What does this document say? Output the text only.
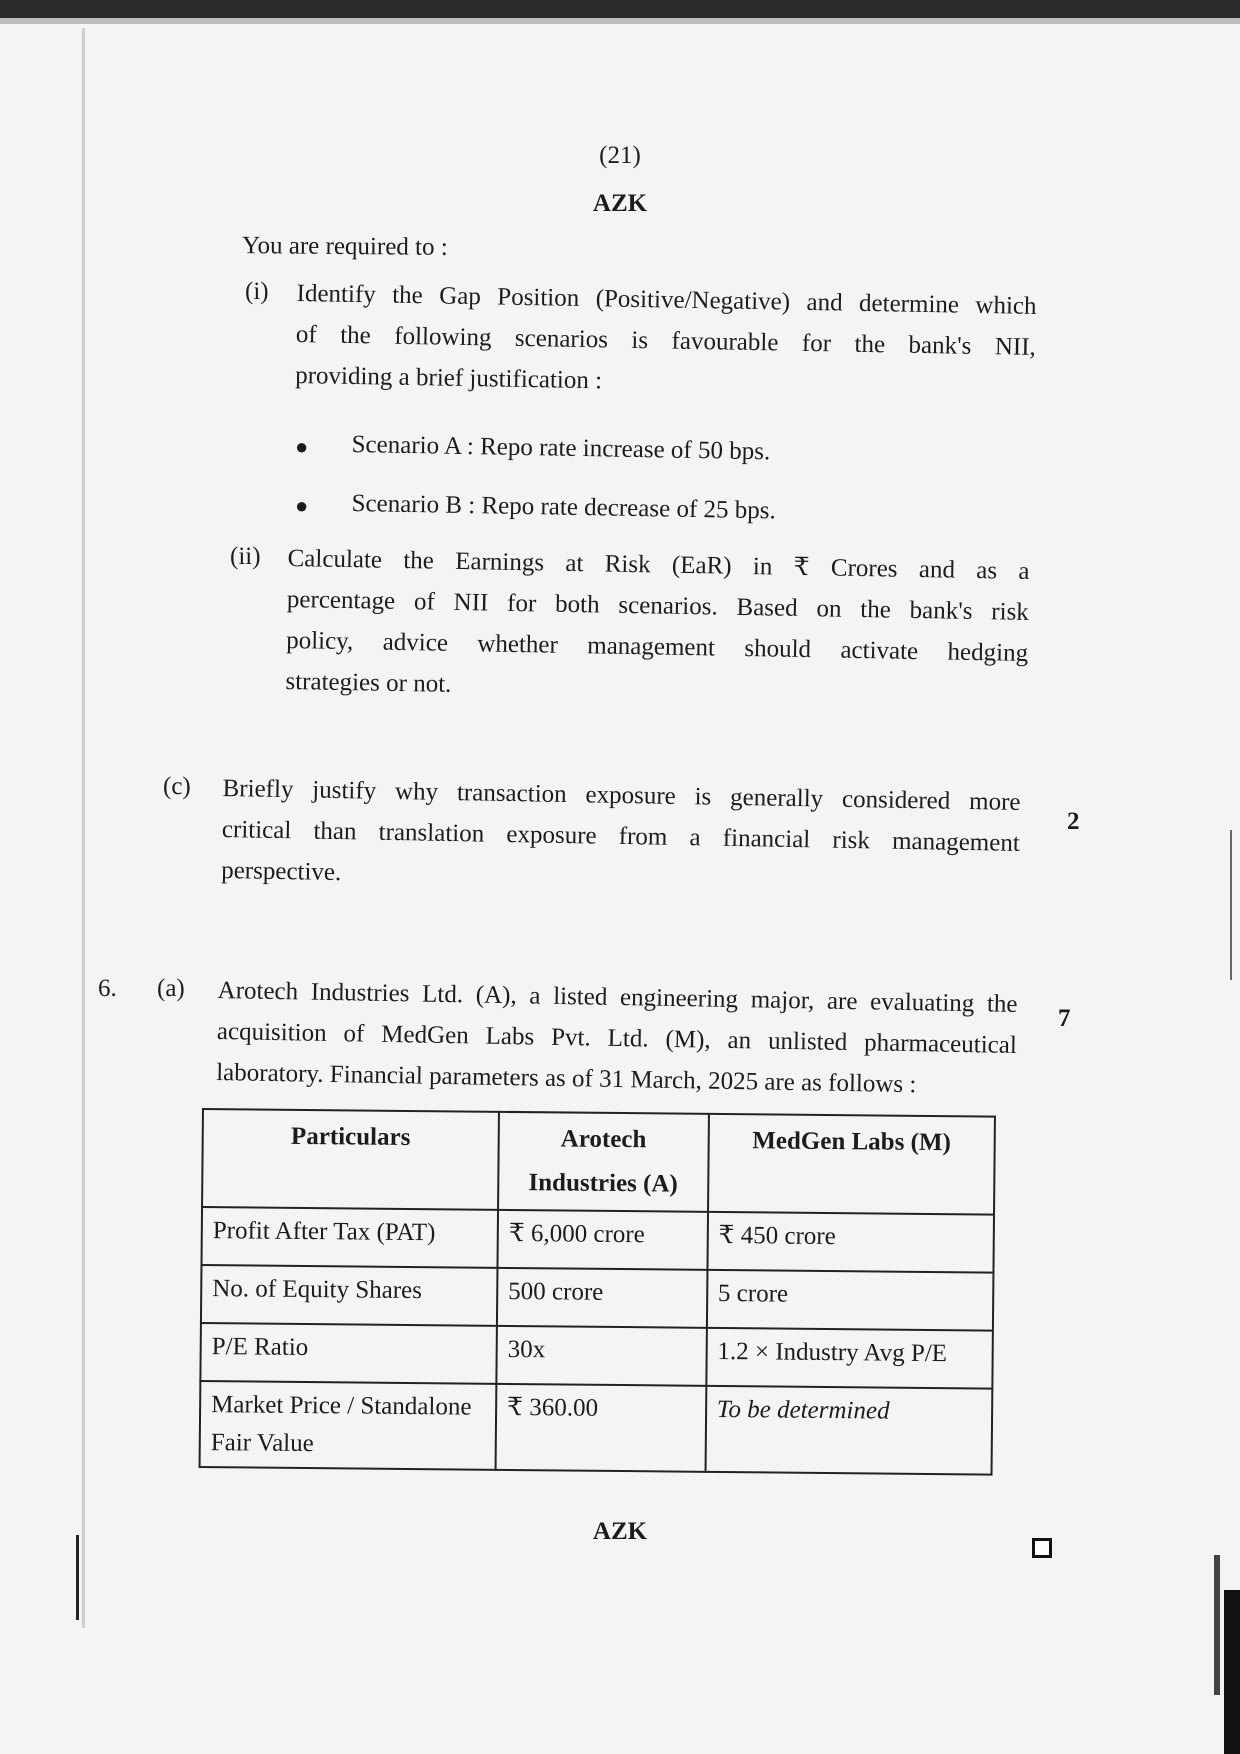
(21)
AZK
You are required to :
(i) Identify the Gap Position (Positive/Negative) and determine which
of the following scenarios is favourable for the bank's NII,
providing a brief justification :
● Scenario A : Repo rate increase of 50 bps.
● Scenario B : Repo rate decrease of 25 bps.
(ii) Calculate the Earnings at Risk (EaR) in ₹ Crores and as a
percentage of NII for both scenarios. Based on the bank's risk
policy, advice whether management should activate hedging
strategies or not.
(c) Briefly justify why transaction exposure is generally considered more
critical than translation exposure from a financial risk management
perspective.
2
6. (a) Arotech Industries Ltd. (A), a listed engineering major, are evaluating the
acquisition of MedGen Labs Pvt. Ltd. (M), an unlisted pharmaceutical
laboratory. Financial parameters as of 31 March, 2025 are as follows :
7
Particulars	Arotech Industries (A)	MedGen Labs (M)
Profit After Tax (PAT)	₹ 6,000 crore	₹ 450 crore
No. of Equity Shares	500 crore	5 crore
P/E Ratio	30x	1.2 × Industry Avg P/E
Market Price / Standalone Fair Value	₹ 360.00	To be determined
AZK
